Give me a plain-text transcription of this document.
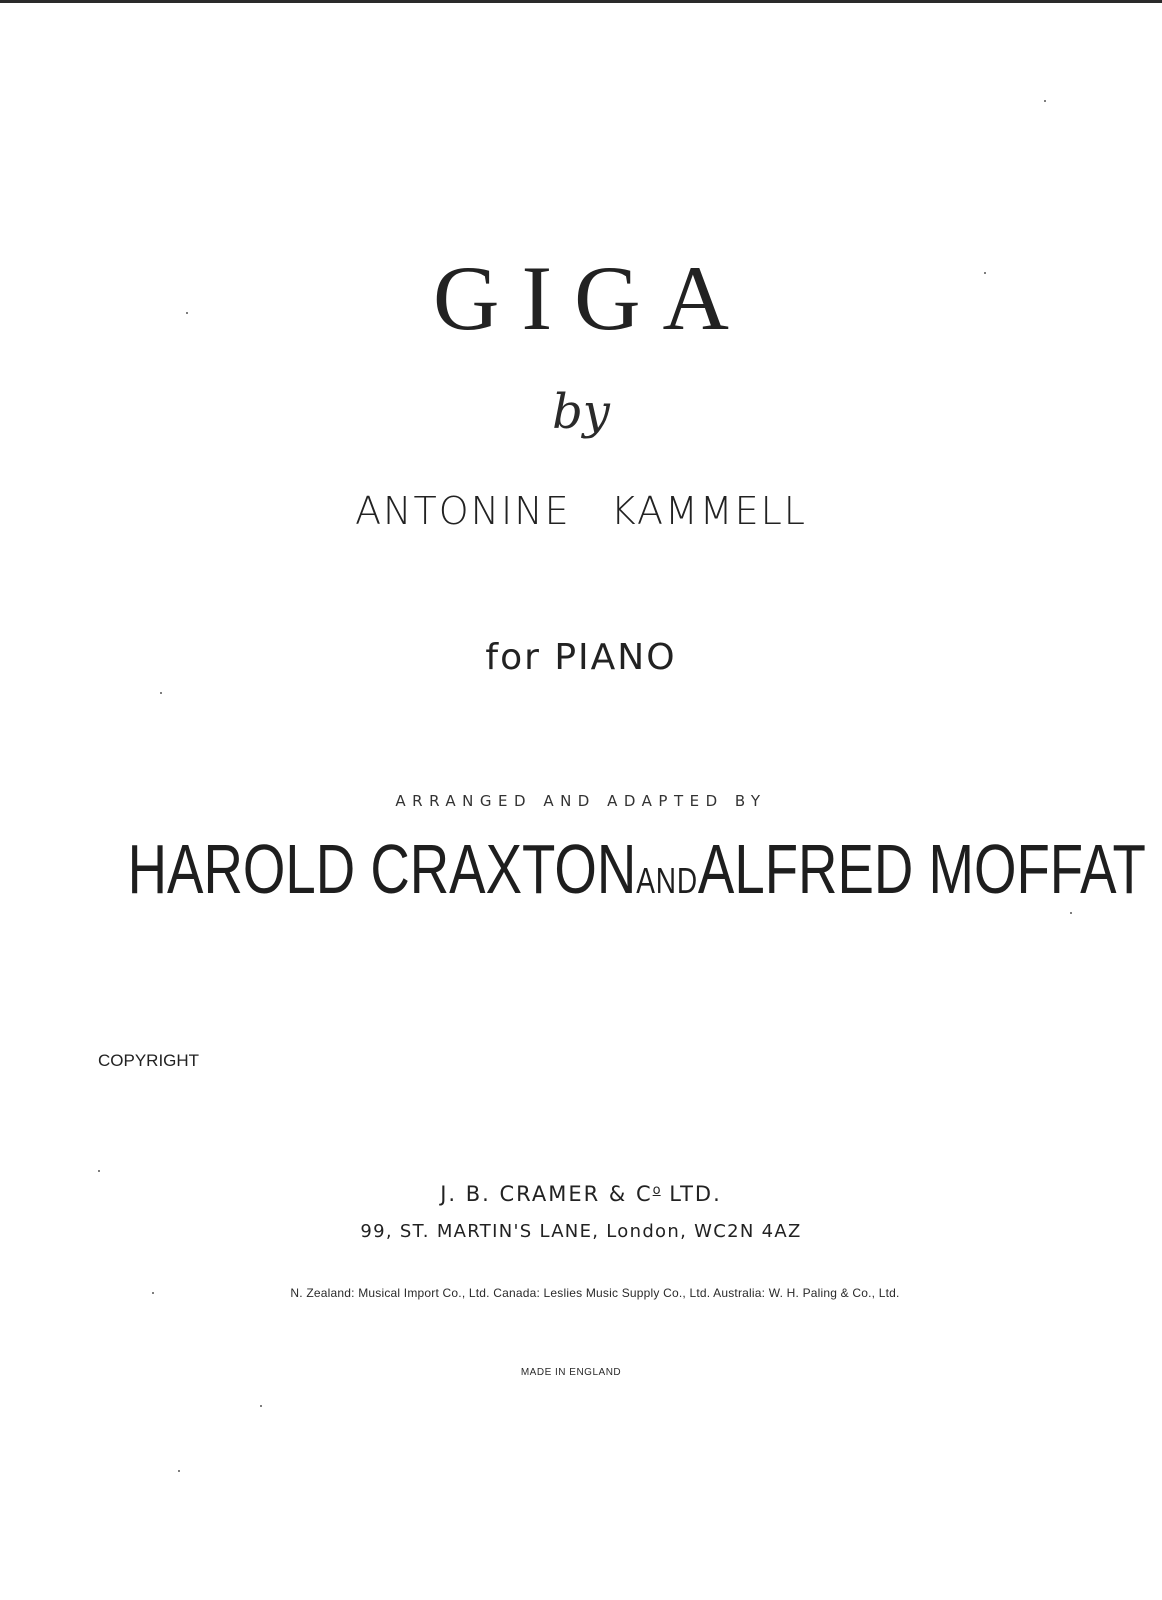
GIGA
by
ANTONINE KAMMELL
for PIANO
ARRANGED AND ADAPTED BY
HAROLD CRAXTONANDALFRED MOFFAT
COPYRIGHT
J. B. CRAMER & $C^o$ LTD.
99, ST. MARTIN'S LANE, London, WC2N 4AZ
N. Zealand: Musical Import Co., Ltd. Canada: Leslies Music Supply Co., Ltd. Australia: W. H. Paling & Co., Ltd.
MADE IN ENGLAND
